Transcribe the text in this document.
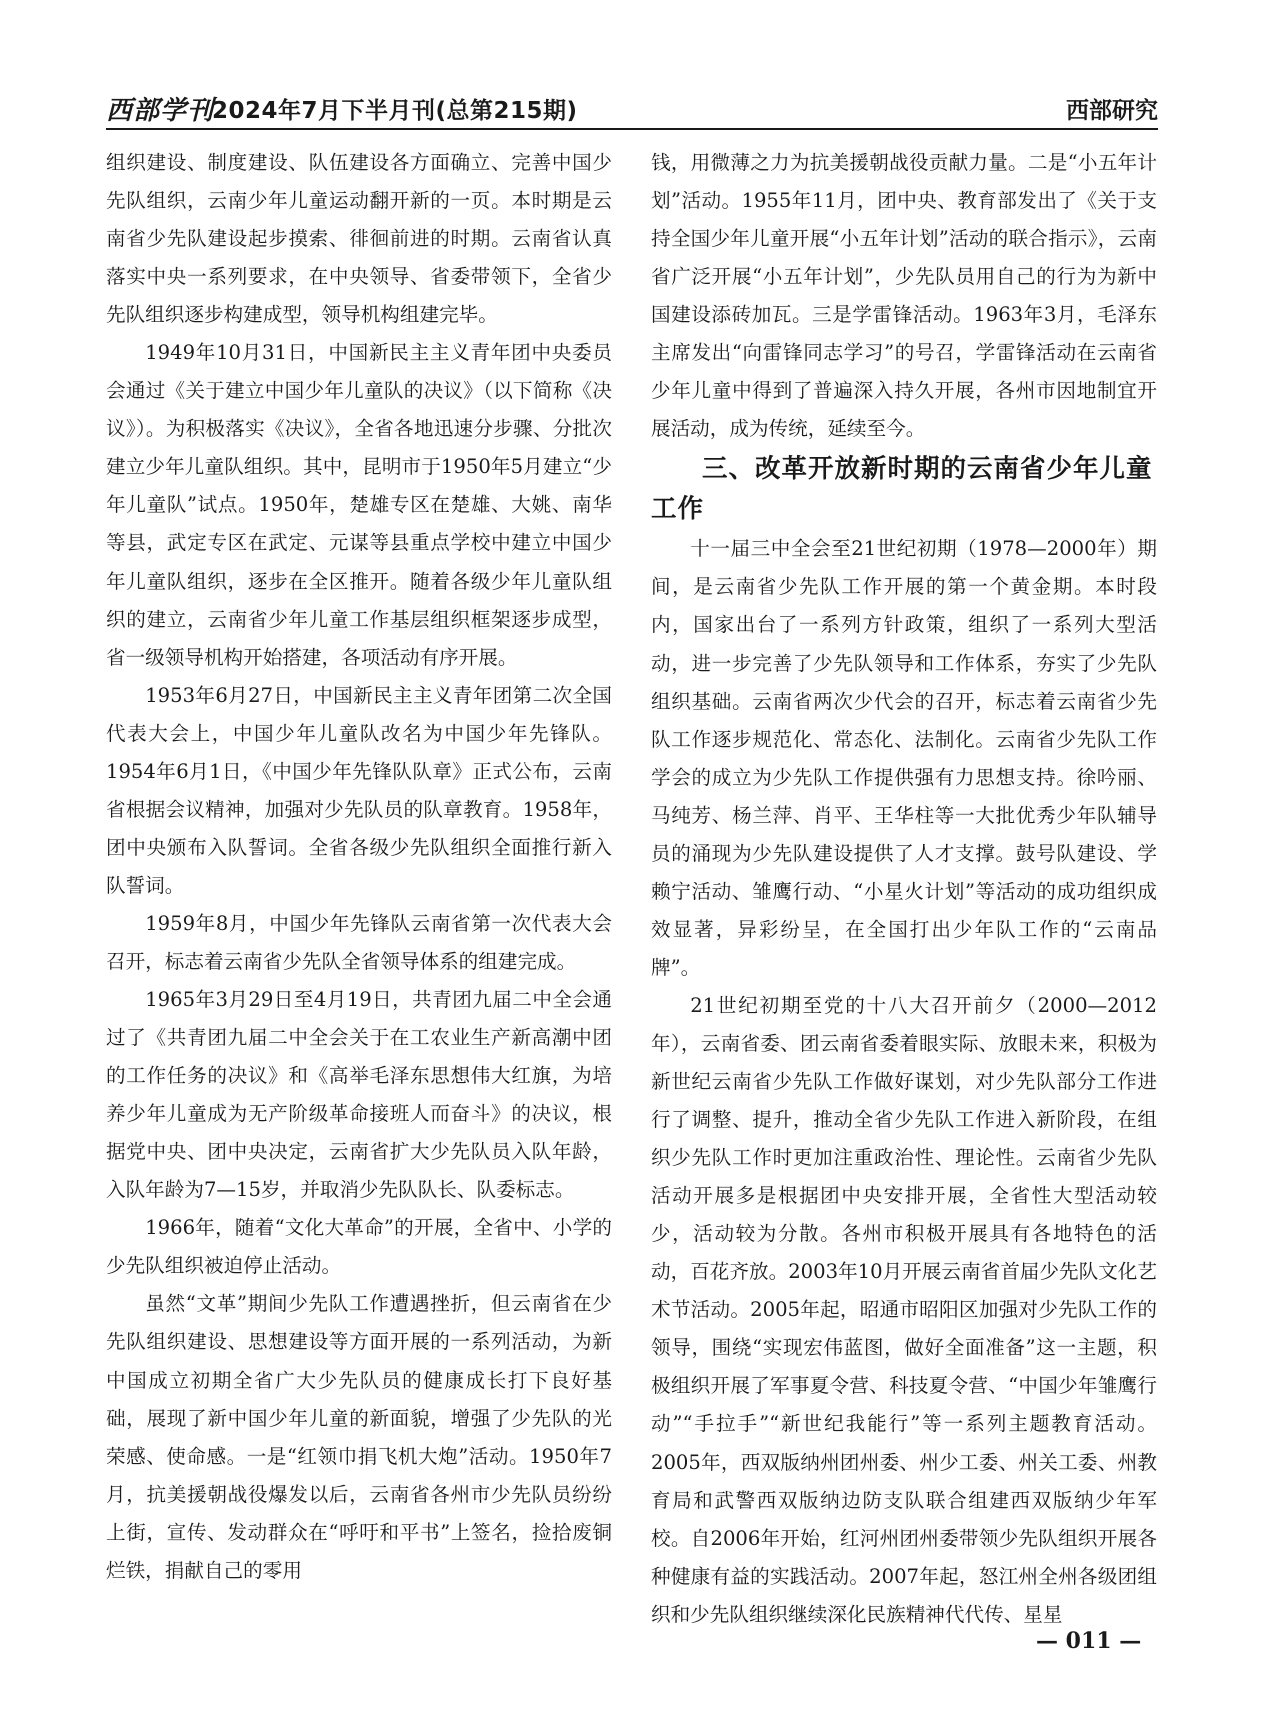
西部学刊
2024年7月下半月刊(总第215期)	西部研究

组织建设、制度建设、队伍建设各方面确立、完善中国少先队组织，云南少年儿童运动翻开新的一页。本时期是云南省少先队建设起步摸索、徘徊前进的时期。云南省认真落实中央一系列要求，在中央领导、省委带领下，全省少先队组织逐步构建成型，领导机构组建完毕。

1949年10月31日，中国新民主主义青年团中央委员会通过《关于建立中国少年儿童队的决议》（以下简称《决议》）。为积极落实《决议》，全省各地迅速分步骤、分批次建立少年儿童队组织。其中，昆明市于1950年5月建立“少年儿童队”试点。1950年，楚雄专区在楚雄、大姚、南华等县，武定专区在武定、元谋等县重点学校中建立中国少年儿童队组织，逐步在全区推开。随着各级少年儿童队组织的建立，云南省少年儿童工作基层组织框架逐步成型，省一级领导机构开始搭建，各项活动有序开展。

1953年6月27日，中国新民主主义青年团第二次全国代表大会上，中国少年儿童队改名为中国少年先锋队。1954年6月1日，《中国少年先锋队队章》正式公布，云南省根据会议精神，加强对少先队员的队章教育。1958年，团中央颁布入队誓词。全省各级少先队组织全面推行新入队誓词。

1959年8月，中国少年先锋队云南省第一次代表大会召开，标志着云南省少先队全省领导体系的组建完成。

1965年3月29日至4月19日，共青团九届二中全会通过了《共青团九届二中全会关于在工农业生产新高潮中团的工作任务的决议》和《高举毛泽东思想伟大红旗，为培养少年儿童成为无产阶级革命接班人而奋斗》的决议，根据党中央、团中央决定，云南省扩大少先队员入队年龄，入队年龄为7—15岁，并取消少先队队长、队委标志。

1966年，随着“文化大革命”的开展，全省中、小学的少先队组织被迫停止活动。

虽然“文革”期间少先队工作遭遇挫折，但云南省在少先队组织建设、思想建设等方面开展的一系列活动，为新中国成立初期全省广大少先队员的健康成长打下良好基础，展现了新中国少年儿童的新面貌，增强了少先队的光荣感、使命感。一是“红领巾捐飞机大炮”活动。1950年7月，抗美援朝战役爆发以后，云南省各州市少先队员纷纷上街，宣传、发动群众在“呼吁和平书”上签名，捡拾废铜烂铁，捐献自己的零用

钱，用微薄之力为抗美援朝战役贡献力量。二是“小五年计划”活动。1955年11月，团中央、教育部发出了《关于支持全国少年儿童开展“小五年计划”活动的联合指示》，云南省广泛开展“小五年计划”，少先队员用自己的行为为新中国建设添砖加瓦。三是学雷锋活动。1963年3月，毛泽东主席发出“向雷锋同志学习”的号召，学雷锋活动在云南省少年儿童中得到了普遍深入持久开展，各州市因地制宜开展活动，成为传统，延续至今。

三、改革开放新时期的云南省少年儿童工作

十一届三中全会至21世纪初期（1978—2000年）期间，是云南省少先队工作开展的第一个黄金期。本时段内，国家出台了一系列方针政策，组织了一系列大型活动，进一步完善了少先队领导和工作体系，夯实了少先队组织基础。云南省两次少代会的召开，标志着云南省少先队工作逐步规范化、常态化、法制化。云南省少先队工作学会的成立为少先队工作提供强有力思想支持。徐吟丽、马纯芳、杨兰萍、肖平、王华柱等一大批优秀少年队辅导员的涌现为少先队建设提供了人才支撑。鼓号队建设、学赖宁活动、雏鹰行动、“小星火计划”等活动的成功组织成效显著，异彩纷呈，在全国打出少年队工作的“云南品牌”。

21世纪初期至党的十八大召开前夕（2000—2012年），云南省委、团云南省委着眼实际、放眼未来，积极为新世纪云南省少先队工作做好谋划，对少先队部分工作进行了调整、提升，推动全省少先队工作进入新阶段，在组织少先队工作时更加注重政治性、理论性。云南省少先队活动开展多是根据团中央安排开展，全省性大型活动较少，活动较为分散。各州市积极开展具有各地特色的活动，百花齐放。2003年10月开展云南省首届少先队文化艺术节活动。2005年起，昭通市昭阳区加强对少先队工作的领导，围绕“实现宏伟蓝图，做好全面准备”这一主题，积极组织开展了军事夏令营、科技夏令营、“中国少年雏鹰行动”“手拉手”“新世纪我能行”等一系列主题教育活动。2005年，西双版纳州团州委、州少工委、州关工委、州教育局和武警西双版纳边防支队联合组建西双版纳少年军校。自2006年开始，红河州团州委带领少先队组织开展各种健康有益的实践活动。2007年起，怒江州全州各级团组织和少先队组织继续深化民族精神代代传、星星

— 011 —
